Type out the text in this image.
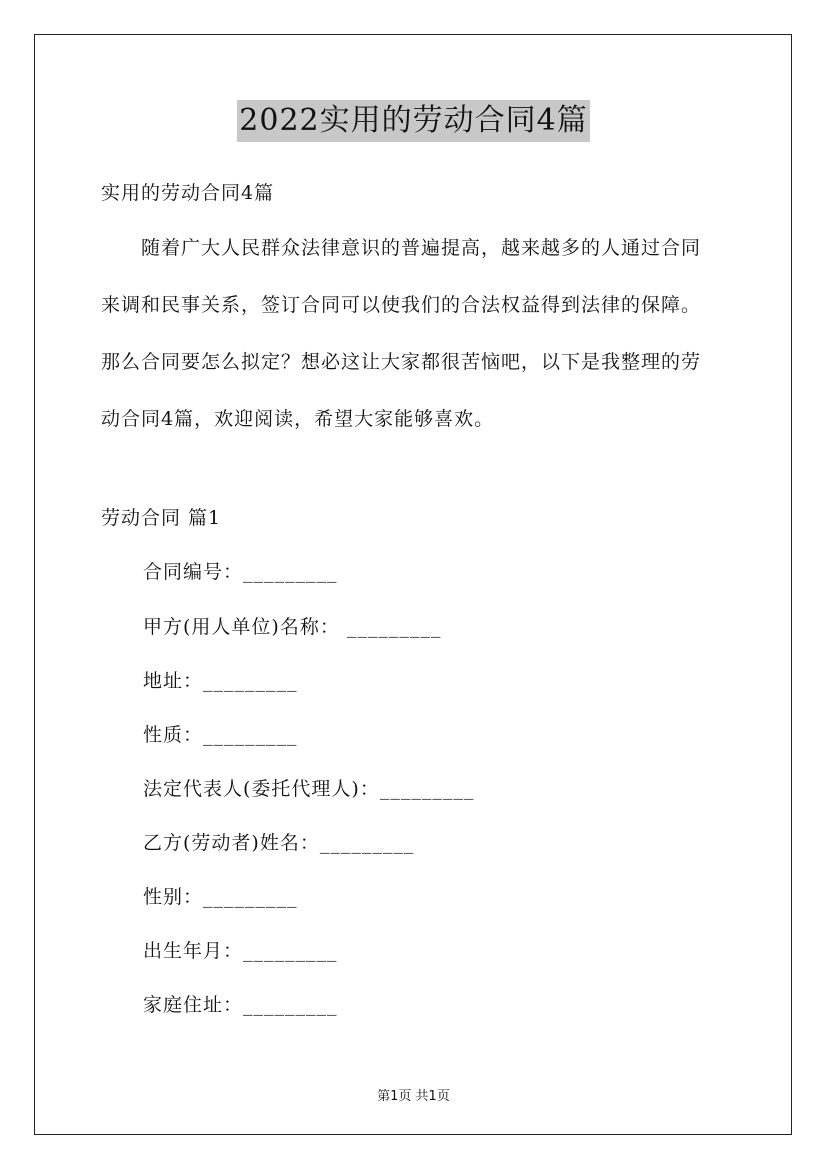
2022实用的劳动合同4篇
实用的劳动合同4篇
随着广大人民群众法律意识的普遍提高，越来越多的人通过合同
来调和民事关系，签订合同可以使我们的合法权益得到法律的保障。
那么合同要怎么拟定？想必这让大家都很苦恼吧，以下是我整理的劳
动合同4篇，欢迎阅读，希望大家能够喜欢。
劳动合同 篇1
合同编号：_________
甲方(用人单位)名称： _________
地址：_________
性质：_________
法定代表人(委托代理人)：_________
乙方(劳动者)姓名：_________
性别：_________
出生年月：_________
家庭住址：_________
第1页 共1页
